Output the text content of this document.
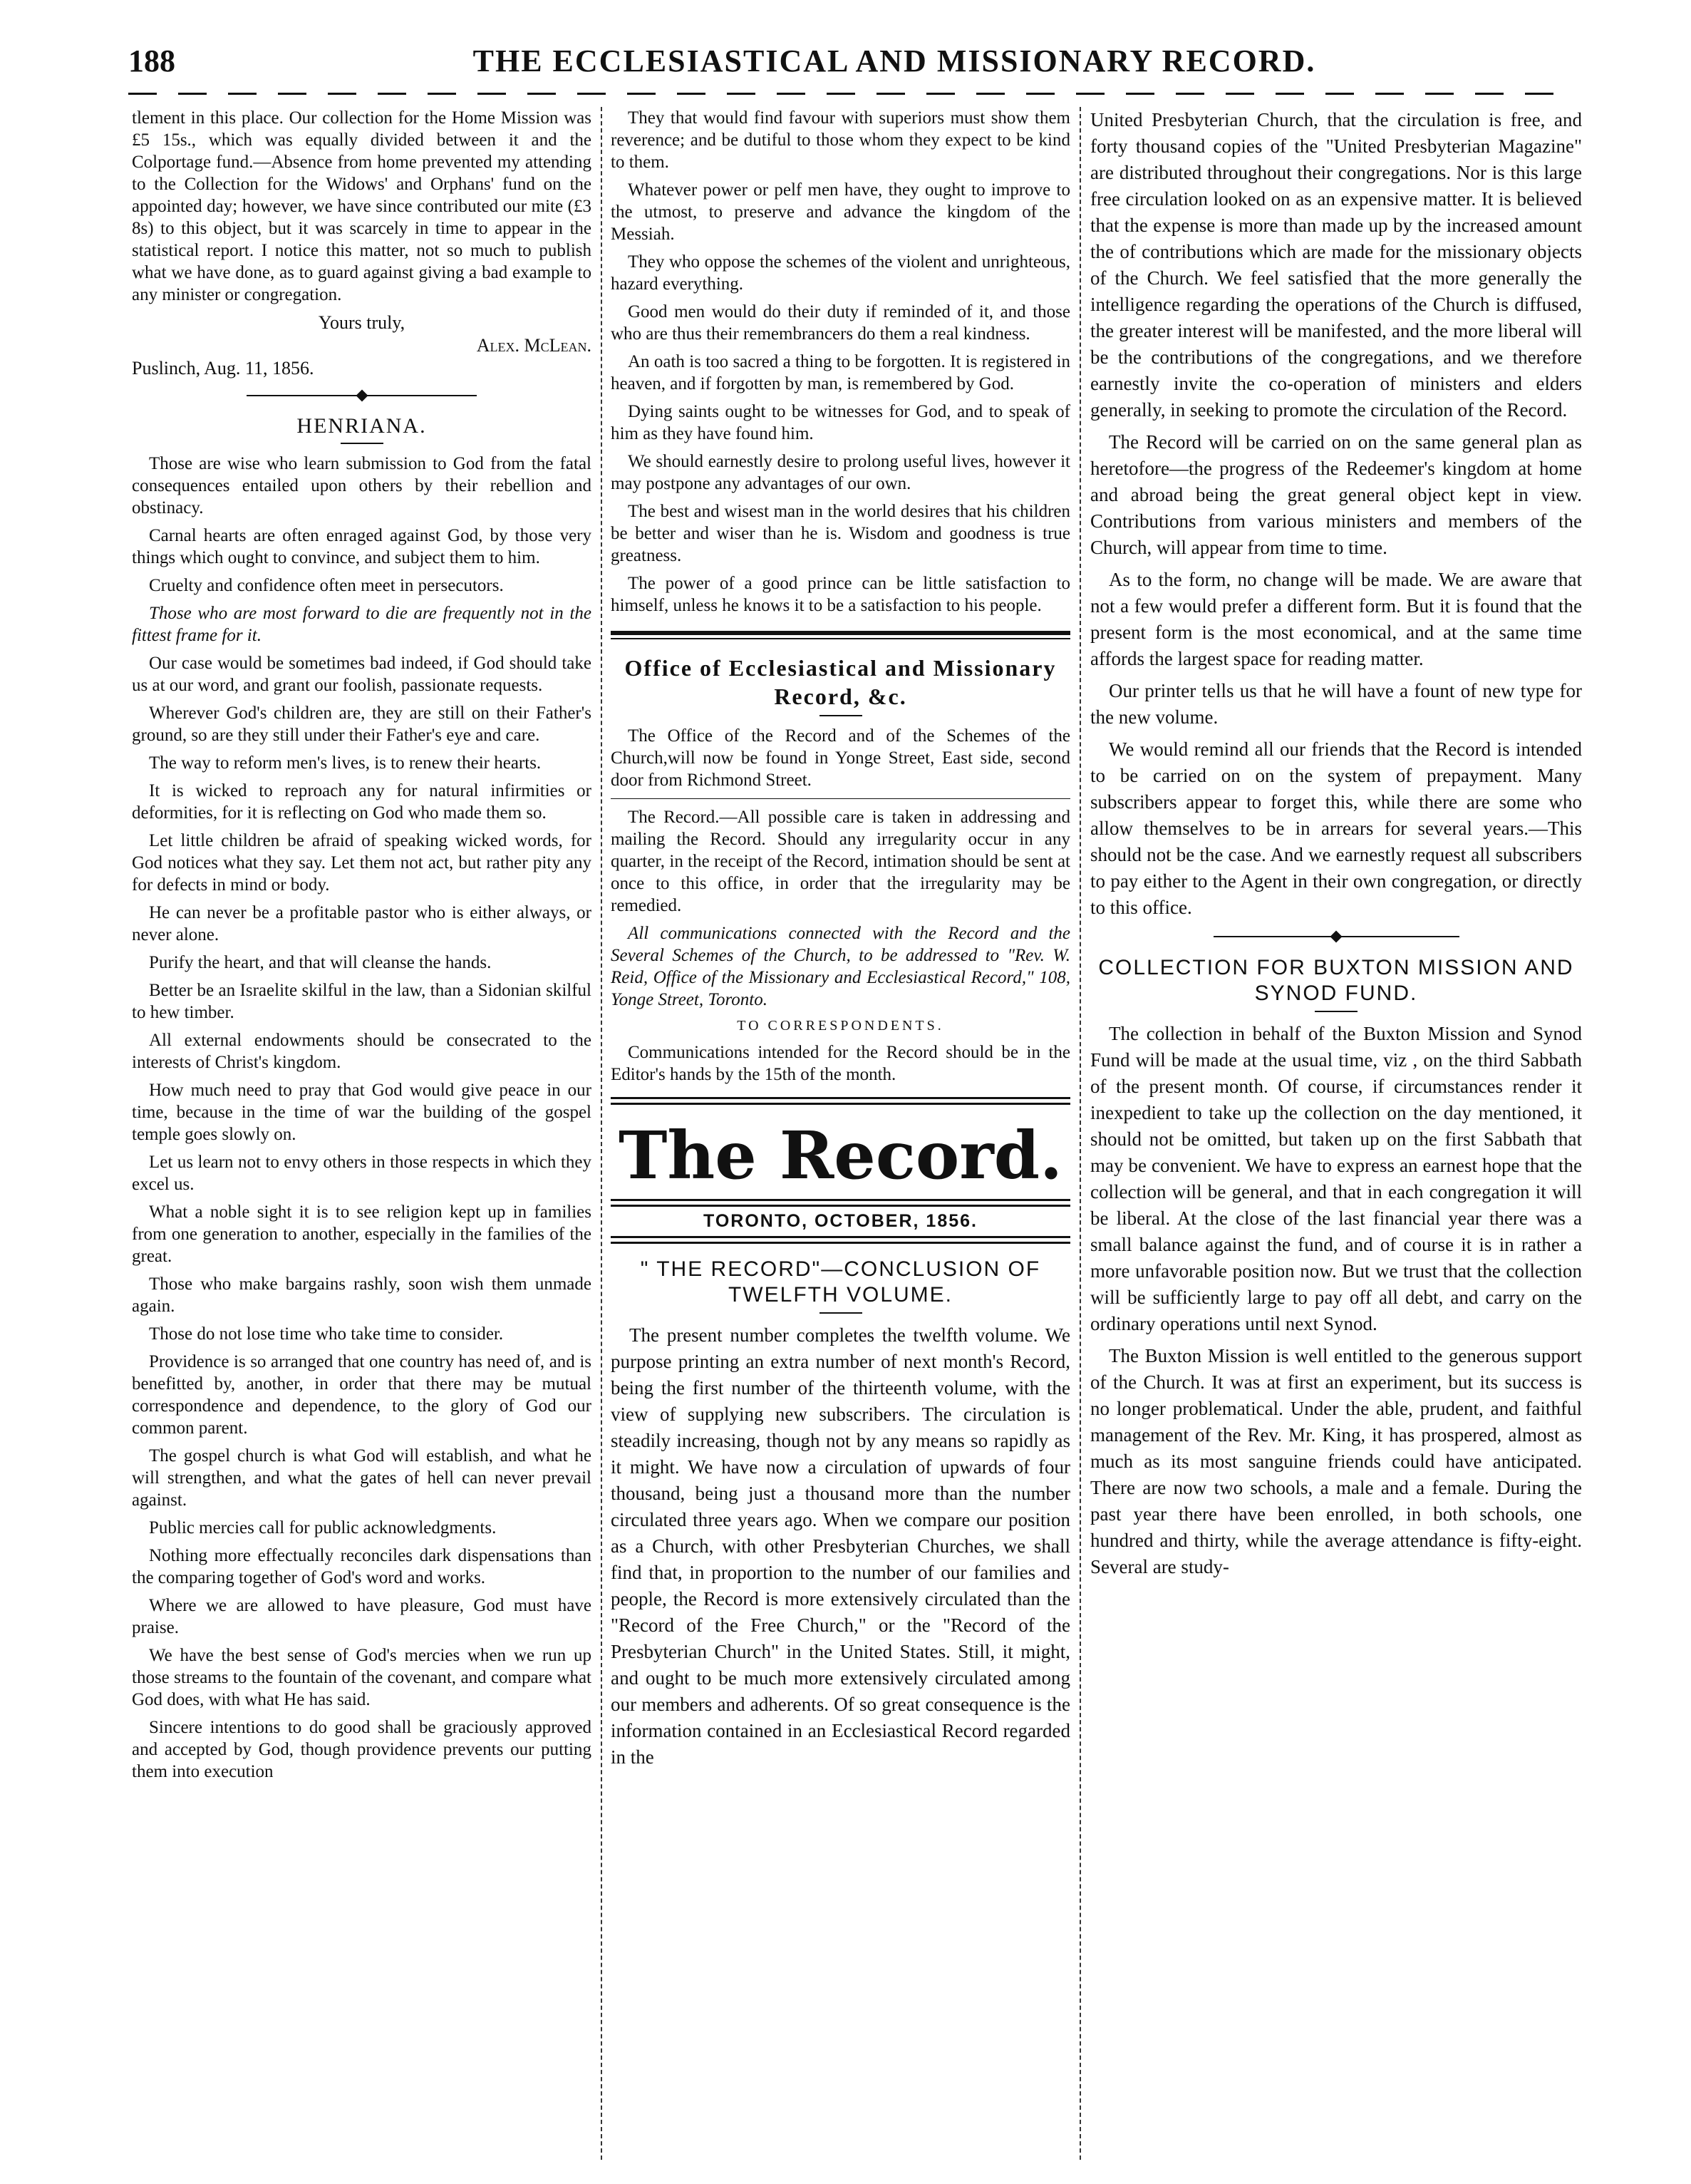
188	THE ECCLESIASTICAL AND MISSIONARY RECORD.

tlement in this place. Our collection for the Home Mission was £5 15s., which was equally divided between it and the Colportage fund.—Absence from home prevented my attending to the Collection for the Widows' and Orphans' fund on the appointed day; however, we have since contributed our mite (£3 8s) to this object, but it was scarcely in time to appear in the statistical report. I notice this matter, not so much to publish what we have done, as to guard against giving a bad example to any minister or congregation.

Yours truly,
Alex. McLean.
Puslinch, Aug. 11, 1856.
HENRIANA.

Those are wise who learn submission to God from the fatal consequences entailed upon others by their rebellion and obstinacy.

Carnal hearts are often enraged against God, by those very things which ought to convince, and subject them to him.

Cruelty and confidence often meet in persecutors.

Those who are most forward to die are frequently not in the fittest frame for it.

Our case would be sometimes bad indeed, if God should take us at our word, and grant our foolish, passionate requests.

Wherever God's children are, they are still on their Father's ground, so are they still under their Father's eye and care.

The way to reform men's lives, is to renew their hearts.

It is wicked to reproach any for natural infirmities or deformities, for it is reflecting on God who made them so.

Let little children be afraid of speaking wicked words, for God notices what they say. Let them not act, but rather pity any for defects in mind or body.

He can never be a profitable pastor who is either always, or never alone.

Purify the heart, and that will cleanse the hands.

Better be an Israelite skilful in the law, than a Sidonian skilful to hew timber.

All external endowments should be consecrated to the interests of Christ's kingdom.

How much need to pray that God would give peace in our time, because in the time of war the building of the gospel temple goes slowly on.

Let us learn not to envy others in those respects in which they excel us.

What a noble sight it is to see religion kept up in families from one generation to another, especially in the families of the great.

Those who make bargains rashly, soon wish them unmade again.

Those do not lose time who take time to consider.

Providence is so arranged that one country has need of, and is benefitted by, another, in order that there may be mutual correspondence and dependence, to the glory of God our common parent.

The gospel church is what God will establish, and what he will strengthen, and what the gates of hell can never prevail against.

Public mercies call for public acknowledgments.

Nothing more effectually reconciles dark dispensations than the comparing together of God's word and works.

Where we are allowed to have pleasure, God must have praise.

We have the best sense of God's mercies when we run up those streams to the fountain of the covenant, and compare what God does, with what He has said.

Sincere intentions to do good shall be graciously approved and accepted by God, though providence prevents our putting them into execution

They that would find favour with superiors must show them reverence; and be dutiful to those whom they expect to be kind to them.

Whatever power or pelf men have, they ought to improve to the utmost, to preserve and advance the kingdom of the Messiah.

They who oppose the schemes of the violent and unrighteous, hazard everything.

Good men would do their duty if reminded of it, and those who are thus their remembrancers do them a real kindness.

An oath is too sacred a thing to be forgotten. It is registered in heaven, and if forgotten by man, is remembered by God.

Dying saints ought to be witnesses for God, and to speak of him as they have found him.

We should earnestly desire to prolong useful lives, however it may postpone any advantages of our own.

The best and wisest man in the world desires that his children be better and wiser than he is. Wisdom and goodness is true greatness.

The power of a good prince can be little satisfaction to himself, unless he knows it to be a satisfaction to his people.

Office of Ecclesiastical and Missionary Record, &c.

The Office of the Record and of the Schemes of the Church,will now be found in Yonge Street, East side, second door from Richmond Street.

The Record.—All possible care is taken in addressing and mailing the Record. Should any irregularity occur in any quarter, in the receipt of the Record, intimation should be sent at once to this office, in order that the irregularity may be remedied.

All communications connected with the Record and the Several Schemes of the Church, to be addressed to "Rev. W. Reid, Office of the Missionary and Ecclesiastical Record," 108, Yonge Street, Toronto.

TO CORRESPONDENTS.

Communications intended for the Record should be in the Editor's hands by the 15th of the month.

The Record.
TORONTO, OCTOBER, 1856.
" THE RECORD"—CONCLUSION OF TWELFTH VOLUME.

The present number completes the twelfth volume. We purpose printing an extra number of next month's Record, being the first number of the thirteenth volume, with the view of supplying new subscribers. The circulation is steadily increasing, though not by any means so rapidly as it might. We have now a circulation of upwards of four thousand, being just a thousand more than the number circulated three years ago. When we compare our position as a Church, with other Presbyterian Churches, we shall find that, in proportion to the number of our families and people, the Record is more extensively circulated than the "Record of the Free Church," or the "Record of the Presbyterian Church" in the United States. Still, it might, and ought to be much more extensively circulated among our members and adherents. Of so great consequence is the information contained in an Ecclesiastical Record regarded in the

United Presbyterian Church, that the circulation is free, and forty thousand copies of the "United Presbyterian Magazine" are distributed throughout their congregations. Nor is this large free circulation looked on as an expensive matter. It is believed that the expense is more than made up by the increased amount the of contributions which are made for the missionary objects of the Church. We feel satisfied that the more generally the intelligence regarding the operations of the Church is diffused, the greater interest will be manifested, and the more liberal will be the contributions of the congregations, and we therefore earnestly invite the co-operation of ministers and elders generally, in seeking to promote the circulation of the Record.

The Record will be carried on on the same general plan as heretofore—the progress of the Redeemer's kingdom at home and abroad being the great general object kept in view. Contributions from various ministers and members of the Church, will appear from time to time.

As to the form, no change will be made. We are aware that not a few would prefer a different form. But it is found that the present form is the most economical, and at the same time affords the largest space for reading matter.

Our printer tells us that he will have a fount of new type for the new volume.

We would remind all our friends that the Record is intended to be carried on on the system of prepayment. Many subscribers appear to forget this, while there are some who allow themselves to be in arrears for several years.—This should not be the case. And we earnestly request all subscribers to pay either to the Agent in their own congregation, or directly to this office.

COLLECTION FOR BUXTON MISSION AND SYNOD FUND.

The collection in behalf of the Buxton Mission and Synod Fund will be made at the usual time, viz , on the third Sabbath of the present month. Of course, if circumstances render it inexpedient to take up the collection on the day mentioned, it should not be omitted, but taken up on the first Sabbath that may be convenient. We have to express an earnest hope that the collection will be general, and that in each congregation it will be liberal. At the close of the last financial year there was a small balance against the fund, and of course it is in rather a more unfavorable position now. But we trust that the collection will be sufficiently large to pay off all debt, and carry on the ordinary operations until next Synod.

The Buxton Mission is well entitled to the generous support of the Church. It was at first an experiment, but its success is no longer problematical. Under the able, prudent, and faithful management of the Rev. Mr. King, it has prospered, almost as much as its most sanguine friends could have anticipated. There are now two schools, a male and a female. During the past year there have been enrolled, in both schools, one hundred and thirty, while the average attendance is fifty-eight. Several are study-
